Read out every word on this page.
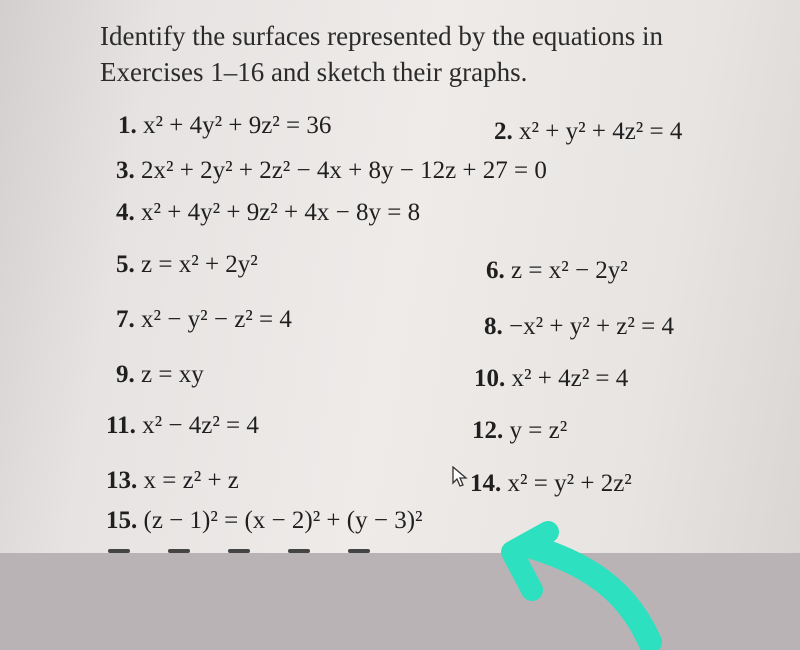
Identify the surfaces represented by the equations in
Exercises 1–16 and sketch their graphs.
1. x² + 4y² + 9z² = 36	2. x² + y² + 4z² = 4
3. 2x² + 2y² + 2z² − 4x + 8y − 12z + 27 = 0
4. x² + 4y² + 9z² + 4x − 8y = 8
5. z = x² + 2y²	6. z = x² − 2y²
7. x² − y² − z² = 4	8. −x² + y² + z² = 4
9. z = xy	10. x² + 4z² = 4
11. x² − 4z² = 4	12. y = z²
13. x = z² + z	14. x² = y² + 2z²
15. (z − 1)² = (x − 2)² + (y − 3)²
